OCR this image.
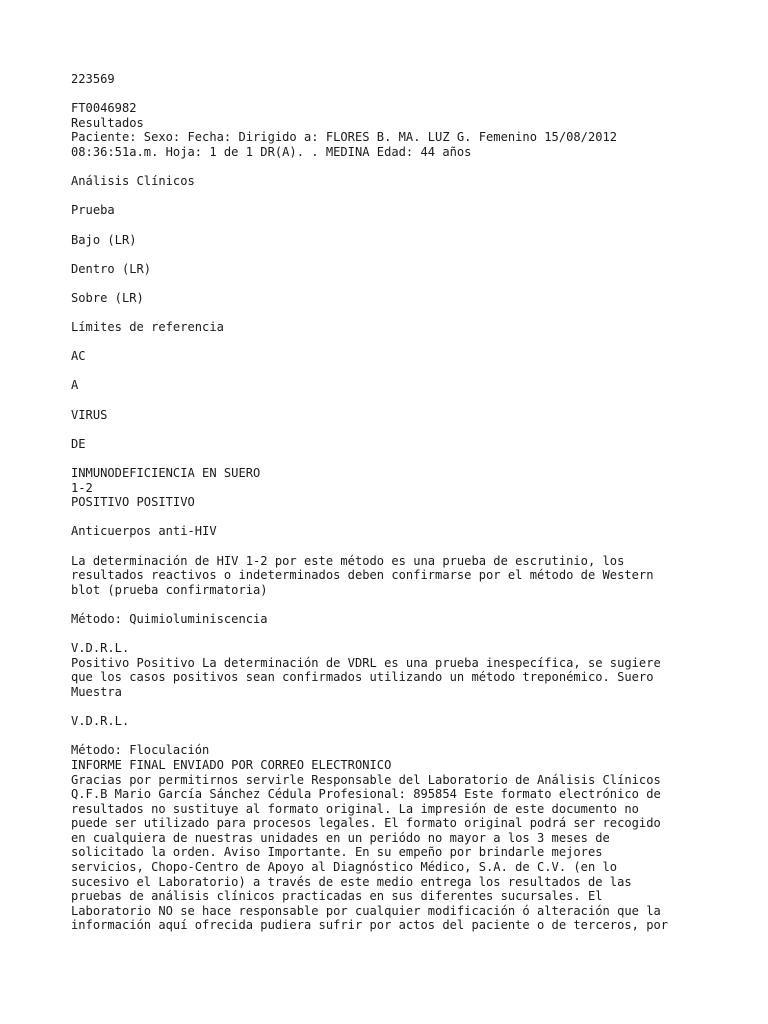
223569
FT0046982
Resultados
Paciente: Sexo: Fecha: Dirigido a: FLORES B. MA. LUZ G. Femenino 15/08/2012
08:36:51a.m. Hoja: 1 de 1 DR(A). . MEDINA Edad: 44 años
Análisis Clínicos
Prueba
Bajo (LR)
Dentro (LR)
Sobre (LR)
Límites de referencia
AC
A
VIRUS
DE
INMUNODEFICIENCIA EN SUERO
1-2
POSITIVO POSITIVO
Anticuerpos anti-HIV
La determinación de HIV 1-2 por este método es una prueba de escrutinio, los
resultados reactivos o indeterminados deben confirmarse por el método de Western
blot (prueba confirmatoria)
Método: Quimioluminiscencia
V.D.R.L.
Positivo Positivo La determinación de VDRL es una prueba inespecífica, se sugiere
que los casos positivos sean confirmados utilizando un método treponémico. Suero
Muestra
V.D.R.L.
Método: Floculación
INFORME FINAL ENVIADO POR CORREO ELECTRONICO
Gracias por permitirnos servirle Responsable del Laboratorio de Análisis Clínicos
Q.F.B Mario García Sánchez Cédula Profesional: 895854 Este formato electrónico de
resultados no sustituye al formato original. La impresión de este documento no
puede ser utilizado para procesos legales. El formato original podrá ser recogido
en cualquiera de nuestras unidades en un periódo no mayor a los 3 meses de
solicitado la orden. Aviso Importante. En su empeño por brindarle mejores
servicios, Chopo-Centro de Apoyo al Diagnóstico Médico, S.A. de C.V. (en lo
sucesivo el Laboratorio) a través de este medio entrega los resultados de las
pruebas de análisis clínicos practicadas en sus diferentes sucursales. El
Laboratorio NO se hace responsable por cualquier modificación ó alteración que la
información aquí ofrecida pudiera sufrir por actos del paciente o de terceros, por
